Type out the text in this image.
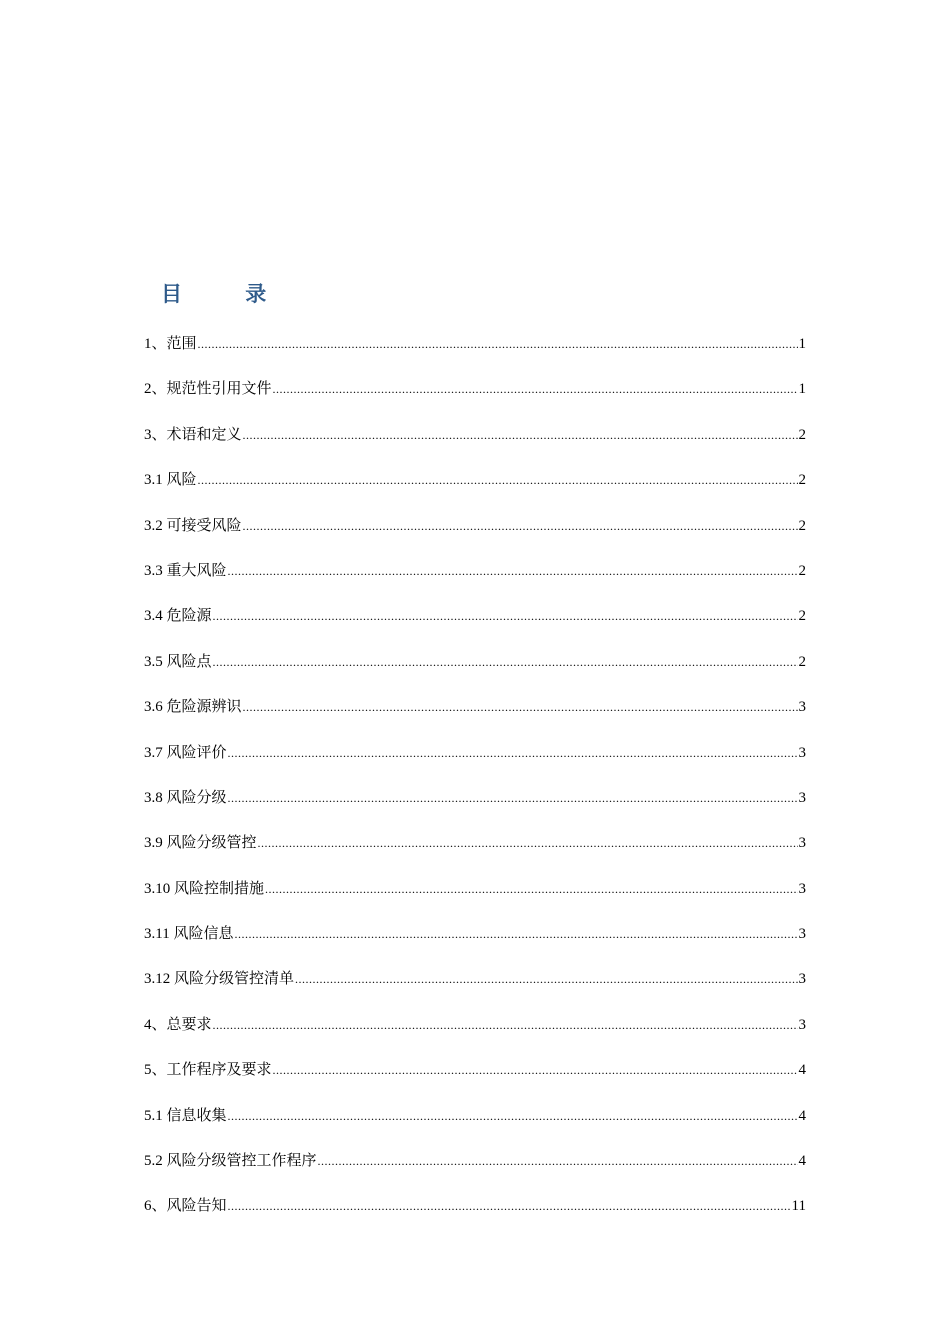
目 录
1、范围 .....	1
2、规范性引用文件 .....	1
3、术语和定义 .....	2
3.1 风险 .....	2
3.2 可接受风险 .....	2
3.3 重大风险 .....	2
3.4 危险源 .....	2
3.5 风险点 .....	2
3.6 危险源辨识 .....	3
3.7 风险评价 .....	3
3.8 风险分级 .....	3
3.9 风险分级管控 .....	3
3.10 风险控制措施 .....	3
3.11 风险信息 .....	3
3.12 风险分级管控清单 .....	3
4、总要求 .....	3
5、工作程序及要求 .....	4
5.1 信息收集 .....	4
5.2 风险分级管控工作程序 .....	4
6、风险告知 .....	11
